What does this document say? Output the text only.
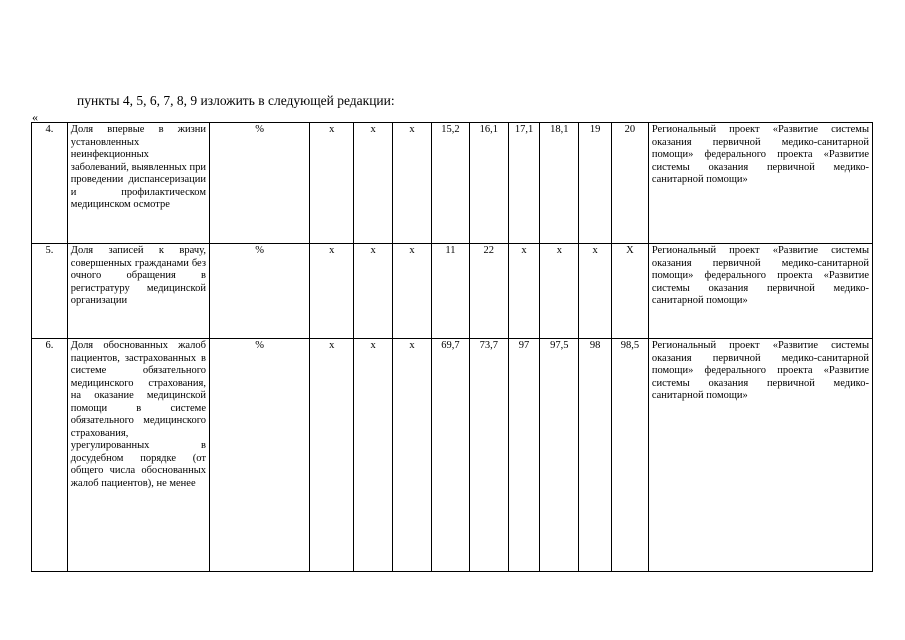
пункты 4, 5, 6, 7, 8, 9 изложить в следующей редакции:
«
4.	Доля впервые в жизни установленных неинфекционных заболеваний, выявленных при проведении диспансеризации и профилактическом медицинском осмотре	%	х	х	х	15,2	16,1	17,1	18,1	19	20	Региональный проект «Развитие системы оказания первичной медико-санитарной помощи» федерального проекта «Развитие системы оказания первичной медико-санитарной помощи»
5.	Доля записей к врачу, совершенных гражданами без очного обращения в регистратуру медицинской организации	%	х	х	х	11	22	х	х	х	Х	Региональный проект «Развитие системы оказания первичной медико-санитарной помощи» федерального проекта «Развитие системы оказания первичной медико-санитарной помощи»
6.	Доля обоснованных жалоб пациентов, застрахованных в системе обязательного медицинского страхования, на оказание медицинской помощи в системе обязательного медицинского страхования, урегулированных в досудебном порядке (от общего числа обоснованных жалоб пациентов), не менее	%	х	х	х	69,7	73,7	97	97,5	98	98,5	Региональный проект «Развитие системы оказания первичной медико-санитарной помощи» федерального проекта «Развитие системы оказания первичной медико-санитарной помощи»
